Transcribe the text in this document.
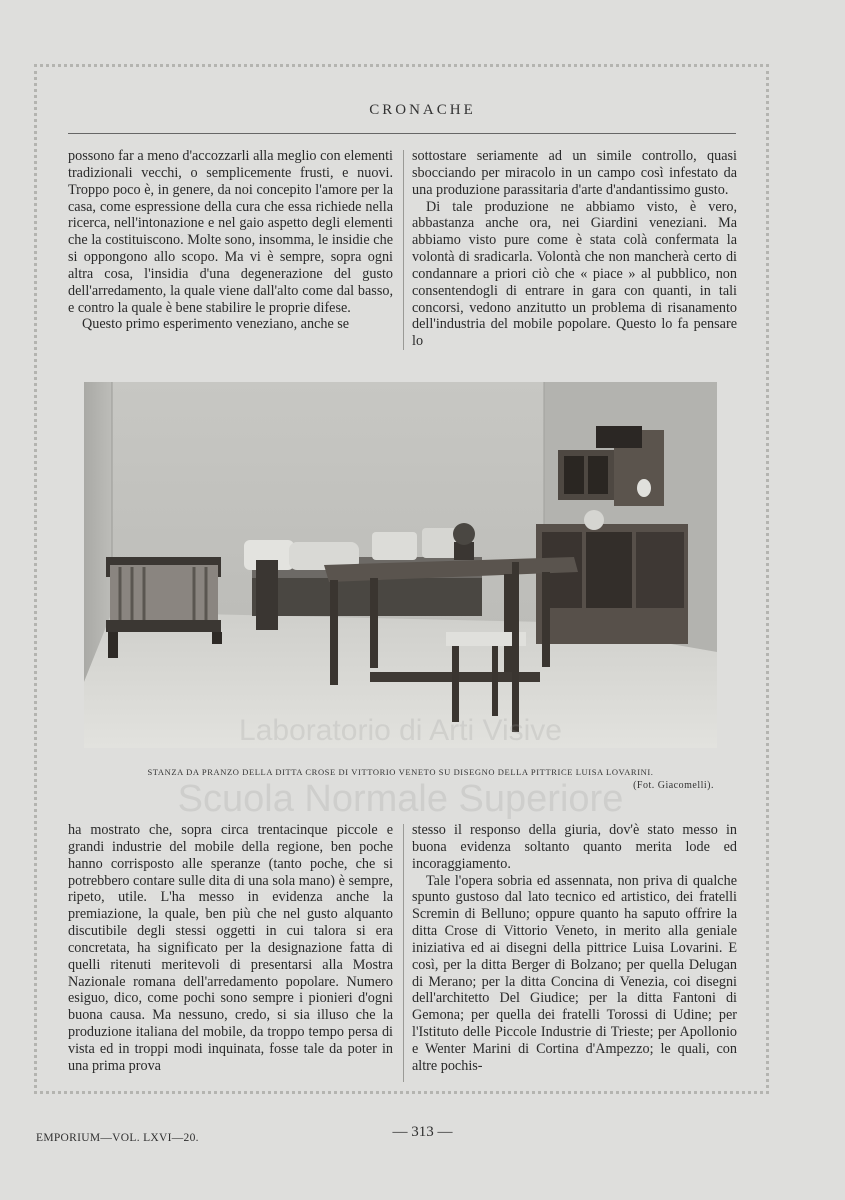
CRONACHE

possono far a meno d'accozzarli alla meglio con elementi tradizionali vecchi, o semplicemente frusti, e nuovi. Troppo poco è, in genere, da noi concepito l'amore per la casa, come espressione della cura che essa richiede nella ricerca, nell'intonazione e nel gaio aspetto degli elementi che la costituiscono. Molte sono, insomma, le insidie che si oppongono allo scopo. Ma vi è sempre, sopra ogni altra cosa, l'insidia d'una degenerazione del gusto dell'arredamento, la quale viene dall'alto come dal basso, e contro la quale è bene stabilire le proprie difese.

Questo primo esperimento veneziano, anche se

sottostare seriamente ad un simile controllo, quasi sbocciando per miracolo in un campo così infestato da una produzione parassitaria d'arte d'andantissimo gusto.

Di tale produzione ne abbiamo visto, è vero, abbastanza anche ora, nei Giardini veneziani. Ma abbiamo visto pure come è stata colà confermata la volontà di sradicarla. Volontà che non mancherà certo di condannare a priori ciò che « piace » al pubblico, non consentendogli di entrare in gara con quanti, in tali concorsi, vedono anzitutto un problema di risanamento dell'industria del mobile popolare. Questo lo fa pensare lo

Laboratorio di Arti Visive
Scuola Normale Superiore
STANZA DA PRANZO DELLA DITTA CROSE DI VITTORIO VENETO SU DISEGNO DELLA PITTRICE LUISA LOVARINI.
(Fot. Giacomelli).

ha mostrato che, sopra circa trentacinque piccole e grandi industrie del mobile della regione, ben poche hanno corrisposto alle speranze (tanto poche, che si potrebbero contare sulle dita di una sola mano) è sempre, ripeto, utile. L'ha messo in evidenza anche la premiazione, la quale, ben più che nel gusto alquanto discutibile degli stessi oggetti in cui talora si era concretata, ha significato per la designazione fatta di quelli ritenuti meritevoli di presentarsi alla Mostra Nazionale romana dell'arredamento popolare. Numero esiguo, dico, come pochi sono sempre i pionieri d'ogni buona causa. Ma nessuno, credo, si sia illuso che la produzione italiana del mobile, da troppo tempo persa di vista ed in troppi modi inquinata, fosse tale da poter in una prima prova

stesso il responso della giuria, dov'è stato messo in buona evidenza soltanto quanto merita lode ed incoraggiamento.

Tale l'opera sobria ed assennata, non priva di qualche spunto gustoso dal lato tecnico ed artistico, dei fratelli Scremin di Belluno; oppure quanto ha saputo offrire la ditta Crose di Vittorio Veneto, in merito alla geniale iniziativa ed ai disegni della pittrice Luisa Lovarini. E così, per la ditta Berger di Bolzano; per quella Delugan di Merano; per la ditta Concina di Venezia, coi disegni dell'architetto Del Giudice; per la ditta Fantoni di Gemona; per quella dei fratelli Torossi di Udine; per l'Istituto delle Piccole Industrie di Trieste; per Apollonio e Wenter Marini di Cortina d'Ampezzo; le quali, con altre pochis-

EMPORIUM—VOL. LXVI—20.	— 313 —
